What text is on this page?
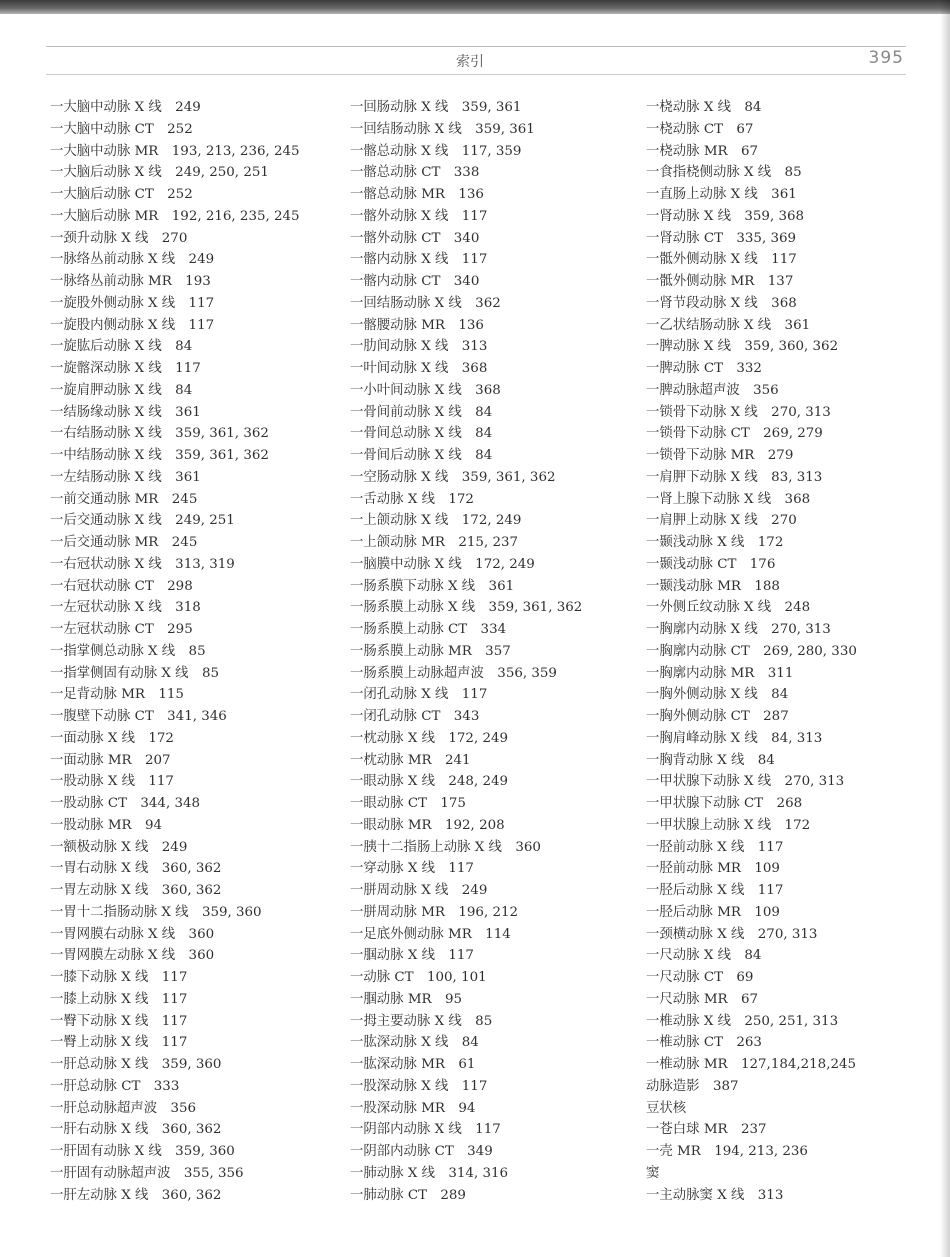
索引	395
一大脑中动脉 X 线　249
一大脑中动脉 CT　252
一大脑中动脉 MR　193, 213, 236, 245
一大脑后动脉 X 线　249, 250, 251
一大脑后动脉 CT　252
一大脑后动脉 MR　192, 216, 235, 245
一颈升动脉 X 线　270
一脉络丛前动脉 X 线　249
一脉络丛前动脉 MR　193
一旋股外侧动脉 X 线　117
一旋股内侧动脉 X 线　117
一旋肱后动脉 X 线　84
一旋髂深动脉 X 线　117
一旋肩胛动脉 X 线　84
一结肠缘动脉 X 线　361
一右结肠动脉 X 线　359, 361, 362
一中结肠动脉 X 线　359, 361, 362
一左结肠动脉 X 线　361
一前交通动脉 MR　245
一后交通动脉 X 线　249, 251
一后交通动脉 MR　245
一右冠状动脉 X 线　313, 319
一右冠状动脉 CT　298
一左冠状动脉 X 线　318
一左冠状动脉 CT　295
一指掌侧总动脉 X 线　85
一指掌侧固有动脉 X 线　85
一足背动脉 MR　115
一腹壁下动脉 CT　341, 346
一面动脉 X 线　172
一面动脉 MR　207
一股动脉 X 线　117
一股动脉 CT　344, 348
一股动脉 MR　94
一额极动脉 X 线　249
一胃右动脉 X 线　360, 362
一胃左动脉 X 线　360, 362
一胃十二指肠动脉 X 线　359, 360
一胃网膜右动脉 X 线　360
一胃网膜左动脉 X 线　360
一膝下动脉 X 线　117
一膝上动脉 X 线　117
一臀下动脉 X 线　117
一臀上动脉 X 线　117
一肝总动脉 X 线　359, 360
一肝总动脉 CT　333
一肝总动脉超声波　356
一肝右动脉 X 线　360, 362
一肝固有动脉 X 线　359, 360
一肝固有动脉超声波　355, 356
一肝左动脉 X 线　360, 362
一回肠动脉 X 线　359, 361
一回结肠动脉 X 线　359, 361
一髂总动脉 X 线　117, 359
一髂总动脉 CT　338
一髂总动脉 MR　136
一髂外动脉 X 线　117
一髂外动脉 CT　340
一髂内动脉 X 线　117
一髂内动脉 CT　340
一回结肠动脉 X 线　362
一髂腰动脉 MR　136
一肋间动脉 X 线　313
一叶间动脉 X 线　368
一小叶间动脉 X 线　368
一骨间前动脉 X 线　84
一骨间总动脉 X 线　84
一骨间后动脉 X 线　84
一空肠动脉 X 线　359, 361, 362
一舌动脉 X 线　172
一上颌动脉 X 线　172, 249
一上颌动脉 MR　215, 237
一脑膜中动脉 X 线　172, 249
一肠系膜下动脉 X 线　361
一肠系膜上动脉 X 线　359, 361, 362
一肠系膜上动脉 CT　334
一肠系膜上动脉 MR　357
一肠系膜上动脉超声波　356, 359
一闭孔动脉 X 线　117
一闭孔动脉 CT　343
一枕动脉 X 线　172, 249
一枕动脉 MR　241
一眼动脉 X 线　248, 249
一眼动脉 CT　175
一眼动脉 MR　192, 208
一胰十二指肠上动脉 X 线　360
一穿动脉 X 线　117
一胼周动脉 X 线　249
一胼周动脉 MR　196, 212
一足底外侧动脉 MR　114
一腘动脉 X 线　117
一动脉 CT　100, 101
一腘动脉 MR　95
一拇主要动脉 X 线　85
一肱深动脉 X 线　84
一肱深动脉 MR　61
一股深动脉 X 线　117
一股深动脉 MR　94
一阴部内动脉 X 线　117
一阴部内动脉 CT　349
一肺动脉 X 线　314, 316
一肺动脉 CT　289
一桡动脉 X 线　84
一桡动脉 CT　67
一桡动脉 MR　67
一食指桡侧动脉 X 线　85
一直肠上动脉 X 线　361
一肾动脉 X 线　359, 368
一肾动脉 CT　335, 369
一骶外侧动脉 X 线　117
一骶外侧动脉 MR　137
一肾节段动脉 X 线　368
一乙状结肠动脉 X 线　361
一脾动脉 X 线　359, 360, 362
一脾动脉 CT　332
一脾动脉超声波　356
一锁骨下动脉 X 线　270, 313
一锁骨下动脉 CT　269, 279
一锁骨下动脉 MR　279
一肩胛下动脉 X 线　83, 313
一肾上腺下动脉 X 线　368
一肩胛上动脉 X 线　270
一颞浅动脉 X 线　172
一颞浅动脉 CT　176
一颞浅动脉 MR　188
一外侧丘纹动脉 X 线　248
一胸廓内动脉 X 线　270, 313
一胸廓内动脉 CT　269, 280, 330
一胸廓内动脉 MR　311
一胸外侧动脉 X 线　84
一胸外侧动脉 CT　287
一胸肩峰动脉 X 线　84, 313
一胸背动脉 X 线　84
一甲状腺下动脉 X 线　270, 313
一甲状腺下动脉 CT　268
一甲状腺上动脉 X 线　172
一胫前动脉 X 线　117
一胫前动脉 MR　109
一胫后动脉 X 线　117
一胫后动脉 MR　109
一颈横动脉 X 线　270, 313
一尺动脉 X 线　84
一尺动脉 CT　69
一尺动脉 MR　67
一椎动脉 X 线　250, 251, 313
一椎动脉 CT　263
一椎动脉 MR　127,184,218,245
动脉造影　387
豆状核
一苍白球 MR　237
一壳 MR　194, 213, 236
窦
一主动脉窦 X 线　313
